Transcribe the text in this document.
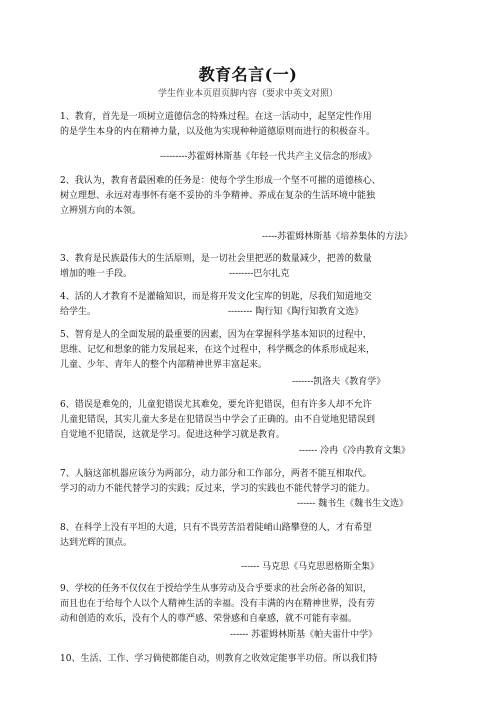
教育名言(一)
学生作业本页眉页脚内容（要求中英文对照）

1、教育，首先是一项树立道德信念的特殊过程。在这一活动中，起坚定性作用

的是学生本身的内在精神力量，以及他为实现种种道德原则而进行的积极奋斗。

---------苏霍姆林斯基《年轻一代共产主义信念的形成》

2、我认为，教育者最困难的任务是：使每个学生形成一个坚不可摧的道德核心、

树立理想、永远对毒事怀有毫不妥协的斗争精神、养成在复杂的生活环境中能独

立辨别方向的本领。

-----苏霍姆林斯基《培养集体的方法》

3、教育是民族最伟大的生活原则，是一切社会里把恶的数量减少，把善的数量

增加的唯一手段。	--------巴尔扎克

4、活的人才教育不是灌输知识，而是将开发文化宝库的钥匙，尽我们知道地交

给学生。	-------- 陶行知《陶行知教育文选》

5、智育是人的全面发展的最重要的因素，因为在掌握科学基本知识的过程中，

思维、记忆和想象的能力发展起来，在这个过程中，科学概念的体系形成起来，

儿童、少年、青年人的整个内部精神世界丰富起来。

-------凯洛夫《教育学》

6、错误是难免的，儿童犯错误尤其难免，要允许犯错误，但有许多人却不允许

儿童犯错误，其实儿童大多是在犯错误当中学会了正确的。由不自觉地犯错误到

自觉地不犯错误，这就是学习。促进这种学习就是教育。

------ 冷冉《冷冉教育文集》

7、人脑这部机器应该分为两部分，动力部分和工作部分，两者不能互相取代。

学习的动力不能代替学习的实践；反过来，学习的实践也不能代替学习的能力。

------ 魏书生《魏书生文选》

8、在科学上没有平坦的大道，只有不畏劳苦沿着陡峭山路攀登的人，才有希望

达到光辉的顶点。

------ 马克思《马克思恩格斯全集》

9、学校的任务不仅仅在于授给学生从事劳动及合乎要求的社会所必备的知识，

而且也在于给每个人以个人精神生活的幸福。没有丰满的内在精神世界，没有劳

动和创造的欢乐，没有个人的尊严感、荣誉感和自豪感，就不可能有幸福。

------ 苏霍姆林斯基《帕夫雷什中学》

10、生活、工作、学习倘使都能自动，则教育之收效定能事半功倍。所以我们特
